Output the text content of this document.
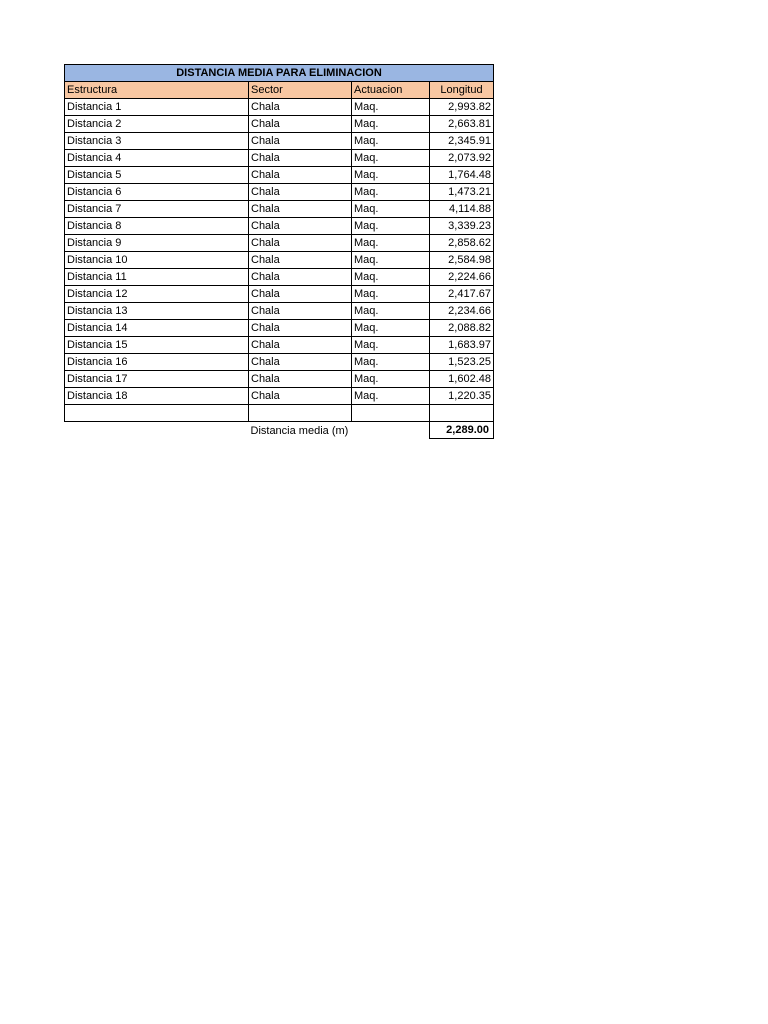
DISTANCIA MEDIA PARA ELIMINACION			
Estructura	Sector	Actuacion	Longitud
Distancia 1	Chala	Maq.	2,993.82
Distancia 2	Chala	Maq.	2,663.81
Distancia 3	Chala	Maq.	2,345.91
Distancia 4	Chala	Maq.	2,073.92
Distancia 5	Chala	Maq.	1,764.48
Distancia 6	Chala	Maq.	1,473.21
Distancia 7	Chala	Maq.	4,114.88
Distancia 8	Chala	Maq.	3,339.23
Distancia 9	Chala	Maq.	2,858.62
Distancia 10	Chala	Maq.	2,584.98
Distancia 11	Chala	Maq.	2,224.66
Distancia 12	Chala	Maq.	2,417.67
Distancia 13	Chala	Maq.	2,234.66
Distancia 14	Chala	Maq.	2,088.82
Distancia 15	Chala	Maq.	1,683.97
Distancia 16	Chala	Maq.	1,523.25
Distancia 17	Chala	Maq.	1,602.48
Distancia 18	Chala	Maq.	1,220.35

	Distancia media (m)		2,289.00
